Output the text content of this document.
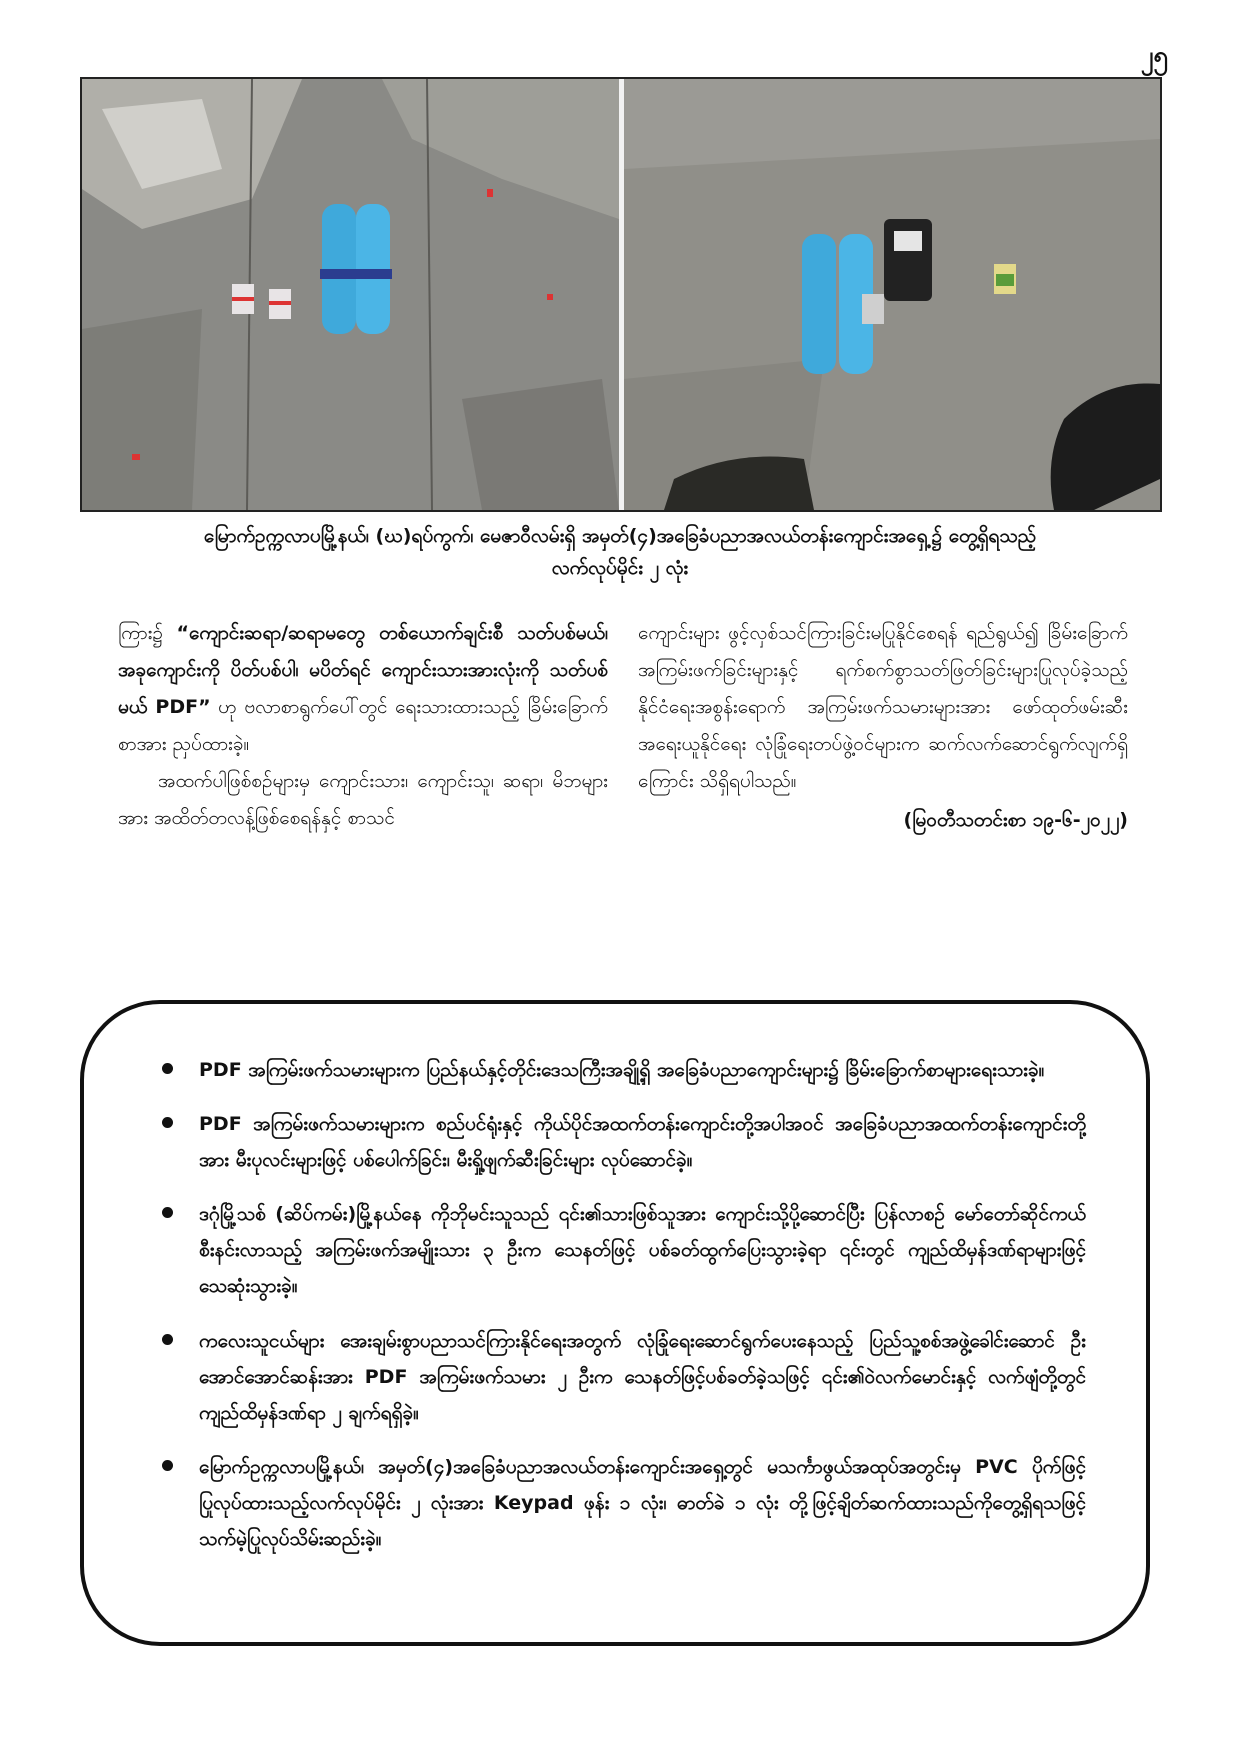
၂၅
မြောက်ဥက္ကလာပမြို့နယ်၊ (ဃ)ရပ်ကွက်၊ မေဇာဝီလမ်းရှိ အမှတ်(၄)အခြေခံပညာအလယ်တန်းကျောင်းအရှေ့၌ တွေ့ရှိရသည့်
လက်လုပ်မိုင်း ၂ လုံး

ကြား၌ “ကျောင်းဆရာ/ဆရာမတွေ တစ်ယောက်ချင်းစီ သတ်ပစ်မယ်၊ အခုကျောင်းကို ပိတ်ပစ်ပါ၊ မပိတ်ရင် ကျောင်းသားအားလုံးကို သတ်ပစ်မယ် PDF” ဟု ဗလာစာရွက်ပေါ်တွင် ရေးသားထားသည့် ခြိမ်းခြောက်စာအား ညှပ်ထားခဲ့။

အထက်ပါဖြစ်စဉ်များမှ ကျောင်းသား၊ ကျောင်းသူ၊ ဆရာ၊ မိဘများအား အထိတ်တလန့်ဖြစ်စေရန်နှင့် စာသင်

ကျောင်းများ ဖွင့်လှစ်သင်ကြားခြင်းမပြုနိုင်စေရန် ရည်ရွယ်၍ ခြိမ်းခြောက်အကြမ်းဖက်ခြင်းများနှင့် ရက်စက်စွာသတ်ဖြတ်ခြင်းများပြုလုပ်ခဲ့သည့် နိုင်ငံရေးအစွန်းရောက် အကြမ်းဖက်သမားများအား ဖော်ထုတ်ဖမ်းဆီးအရေးယူနိုင်ရေး လုံခြုံရေးတပ်ဖွဲ့ဝင်များက ဆက်လက်ဆောင်ရွက်လျက်ရှိကြောင်း သိရှိရပါသည်။

(မြဝတီသတင်းစာ ၁၉-၆-၂၀၂၂)
PDF အကြမ်းဖက်သမားများက ပြည်နယ်နှင့်တိုင်းဒေသကြီးအချို့ရှိ အခြေခံပညာကျောင်းများ၌ ခြိမ်းခြောက်စာများရေးသားခဲ့။
PDF အကြမ်းဖက်သမားများက စည်ပင်ရုံးနှင့် ကိုယ်ပိုင်အထက်တန်းကျောင်းတို့အပါအဝင် အခြေခံပညာအထက်တန်းကျောင်းတို့အား မီးပုလင်းများဖြင့် ပစ်ပေါက်ခြင်း၊ မီးရှို့ဖျက်ဆီးခြင်းများ လုပ်ဆောင်ခဲ့။
ဒဂုံမြို့သစ် (ဆိပ်ကမ်း)မြို့နယ်နေ ကိုဘိုမင်းသူသည် ၎င်း၏သားဖြစ်သူအား ကျောင်းသို့ပို့ဆောင်ပြီး ပြန်လာစဉ် မော်တော်ဆိုင်ကယ်စီးနင်းလာသည့် အကြမ်းဖက်အမျိုးသား ၃ ဦးက သေနတ်ဖြင့် ပစ်ခတ်ထွက်ပြေးသွားခဲ့ရာ ၎င်းတွင် ကျည်ထိမှန်ဒဏ်ရာများဖြင့် သေဆုံးသွားခဲ့။
ကလေးသူငယ်များ အေးချမ်းစွာပညာသင်ကြားနိုင်ရေးအတွက် လုံခြုံရေးဆောင်ရွက်ပေးနေသည့် ပြည်သူ့စစ်အဖွဲ့ခေါင်းဆောင် ဦးအောင်အောင်ဆန်းအား PDF အကြမ်းဖက်သမား ၂ ဦးက သေနတ်ဖြင့်ပစ်ခတ်ခဲ့သဖြင့် ၎င်း၏ဝဲလက်မောင်းနှင့် လက်ဖျံတို့တွင် ကျည်ထိမှန်ဒဏ်ရာ ၂ ချက်ရရှိခဲ့။
မြောက်ဥက္ကလာပမြို့နယ်၊ အမှတ်(၄)အခြေခံပညာအလယ်တန်းကျောင်းအရှေ့တွင် မသင်္ကာဖွယ်အထုပ်အတွင်းမှ PVC ပိုက်ဖြင့် ပြုလုပ်ထားသည့်လက်လုပ်မိုင်း ၂ လုံးအား Keypad ဖုန်း ၁ လုံး၊ ဓာတ်ခဲ ၁ လုံး တို့ဖြင့်ချိတ်ဆက်ထားသည်ကိုတွေ့ရှိရသဖြင့် သက်မဲ့ပြုလုပ်သိမ်းဆည်းခဲ့။
